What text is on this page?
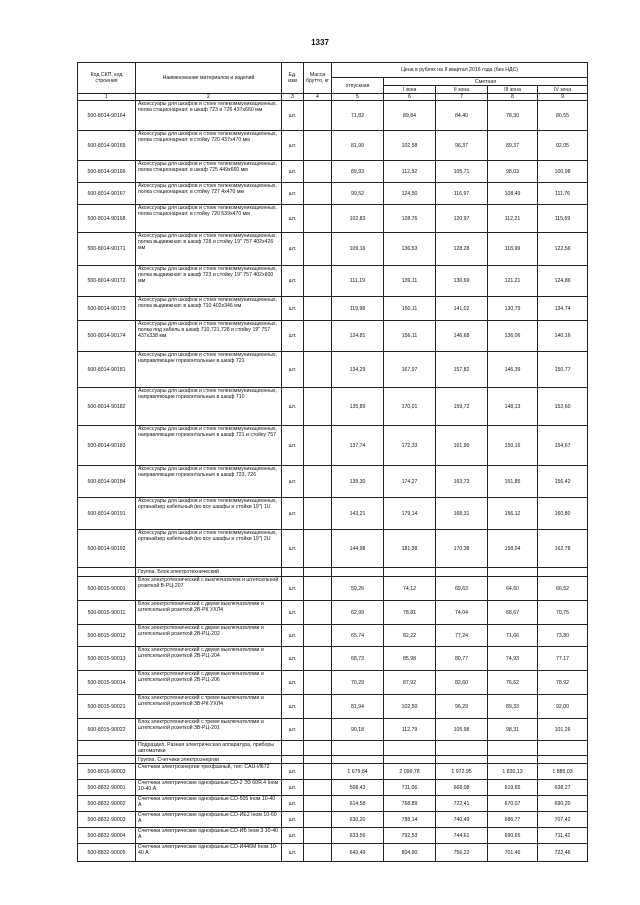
1337
Код СКП, код строения	Наименование материалов и изделий	Ед. изм	Масса брутто, кг	Цена в рублях на II квартал 2016 года (без НДС)				
				отпускная	Сметная			
					I зона	II зона	III зона	IV зона
1	2	3	4	5	6	7	8	9
500-8014-90164	Аксессуары для шкафов и стоек телекоммуникационных, полка стационарная: в шкаф 723 и 726 437х660 мм	шт.		71,82	89,84	84,40	78,30	80,55
500-8014-90165	Аксессуары для шкафов и стоек телекоммуникационных, полка стационарная: в стойку 720 437х470 мм	шт.		81,99	102,58	96,37	89,37	92,05
500-8014-90166	Аксессуары для шкафов и стоек телекоммуникационных, полка стационарная: в шкаф 725 449х660 мм	шт.		89,93	112,52	105,71	98,03	100,98
500-8014-90167	Аксессуары для шкафов и стоек телекоммуникационных, полка стационарная: в стойку 727 4х470 мм	шт.		99,52	124,50	116,97	108,49	111,76
500-8014-90168	Аксессуары для шкафов и стоек телекоммуникационных, полка стационарная: в стойку 720 539х470 мм	шт.		102,83	128,76	120,97	112,21	115,59
500-8014-90171	Аксессуары для шкафов и стоек телекоммуникационных, полка выдвижная: в шкаф 728 и стойку 19" 757 402х426 мм	шт.		109,16	136,53	128,28	118,99	122,56
500-8014-90172	Аксессуары для шкафов и стоек телекоммуникационных, полка выдвижная: в шкаф 723 и стойку 19" 757 402х600 мм	шт.		111,19	139,11	130,69	121,21	124,86
500-8014-90173	Аксессуары для шкафов и стоек телекоммуникационных, полка выдвижная: в шкаф 710 402х346 мм	шт.		119,98	150,11	141,02	130,79	134,74
500-8014-90174	Аксессуары для шкафов и стоек телекоммуникационных, полка под кабель в шкаф 710,721,728 и стойку 19" 757 437х338 мм	шт.		124,81	156,11	146,68	136,06	140,16
500-8014-90181	Аксессуары для шкафов и стоек телекоммуникационных, направляющие горизонтальные в шкаф 721	шт.		134,29	167,97	157,82	146,39	150,77
500-8014-90182	Аксессуары для шкафов и стоек телекоммуникационных, направляющие горизонтальные в шкаф 710	шт.		135,89	170,01	159,72	148,13	152,60
500-8014-90183	Аксессуары для шкафов и стоек телекоммуникационных, направляющие горизонтальные в шкаф 721 и стойку 757	шт.		137,74	172,33	161,90	150,16	154,67
500-8014-90184	Аксессуары для шкафов и стоек телекоммуникационных, направляющие горизонтальные в шкаф 723, 726	шт.		139,30	174,27	163,73	151,85	156,42
500-8014-90191	Аксессуары для шкафов и стоек телекоммуникационных, органайзер кабельный (во все шкафы и стойки 19") 1U	шт.		143,21	179,14	168,31	156,12	160,80
500-8014-90192	Аксессуары для шкафов и стоек телекоммуникационных, органайзер кабельный (во все шкафы и стойки 19") 2U	шт.		144,98	181,38	170,38	158,04	162,78
	Группа. Блок электротехнический							
500-8015-90001	Блок электротехнический с выключателем и штепсельной розеткой В-РЦ-207	шт.		59,26	74,12	69,63	64,60	66,52
500-8015-90011	Блок электротехнический с двумя выключателями и штепсельной розеткой 2В-РК УХЛ4	шт.		62,99	78,81	74,04	68,67	70,75
500-8015-90012	Блок электротехнический с двумя выключателями и штепсельной розеткой 2В-РЦ-202	шт.		65,74	82,22	77,24	71,66	73,80
500-8015-90013	Блок электротехнический с двумя выключателями и штепсельной розеткой 2В-РЦ-204	шт.		68,73	85,98	80,77	74,93	77,17
500-8015-90014	Блок электротехнический с двумя выключателями и штепсельной розеткой 2В-РЦ-206	шт.		70,29	87,92	82,60	76,62	78,92
500-8015-90021	Блок электротехнический с тремя выключателями и штепсельной розеткой 3В-РК УХЛ4	шт.		81,94	102,50	96,29	89,33	92,00
500-8015-90022	Блок электротехнический с тремя выключателями и штепсельной розеткой 3В-РЦ-201	шт.		90,18	112,79	105,98	98,31	101,26
	Подраздел. Разная электрическая аппаратура, приборы автоматики							
	Группа. Счетчики электроэнергии							
500-8016-90003	Счетчики электроэнергии трехфазный, тип: CAU-И672	шт.		1 679,84	2 099,78	1 972,95	1 830,13	1 885,03
500-8832-90001	Счетчики электрические однофазные СО-2 ЭЗ 60Я.4 Iном 10-40 А	шт.		568,43	711,06	668,08	619,65	638,27
500-8832-90002	Счетчики электрические однофазные СО-505 Iном 10-40 А	шт.		614,58	768,89	722,41	670,07	690,20
500-8832-90003	Счетчики электрические однофазные СО-ИЕ2 Iном 10-60 А	шт.		630,20	788,14	740,49	686,77	707,42
500-8832-90004	Счетчики электрические однофазные СО-ИБ Iном 3 10-40 А	шт.		633,56	792,53	744,61	690,65	711,42
500-8832-90005	Счетчики электрические однофазные СО-И446М Iном 10-40 А	шт.		643,49	804,90	756,22	701,46	722,46
